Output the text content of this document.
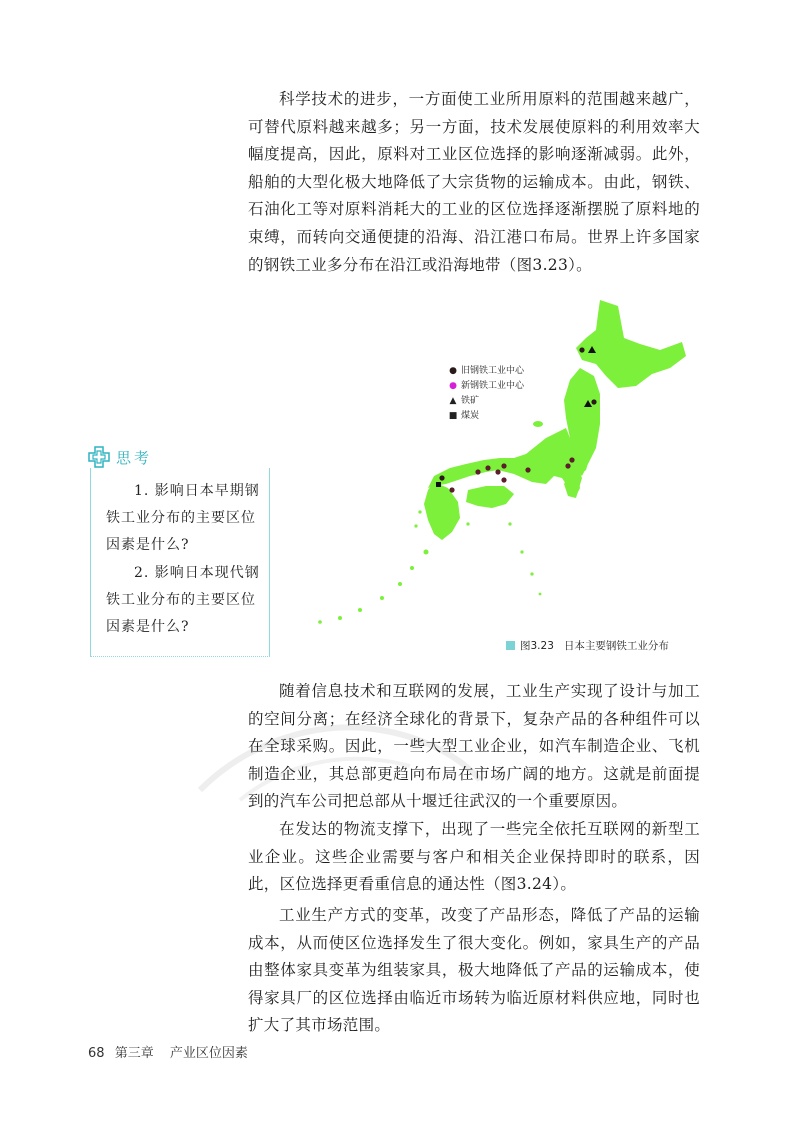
科学技术的进步，一方面使工业所用原料的范围越来越广，可替代原料越来越多；另一方面，技术发展使原料的利用效率大幅度提高，因此，原料对工业区位选择的影响逐渐减弱。此外，船舶的大型化极大地降低了大宗货物的运输成本。由此，钢铁、石油化工等对原料消耗大的工业的区位选择逐渐摆脱了原料地的束缚，而转向交通便捷的沿海、沿江港口布局。世界上许多国家的钢铁工业多分布在沿江或沿海地带（图3.23）。

● 旧钢铁工业中心
● 新钢铁工业中心
▲ 铁矿
■ 煤炭
图3.23 日本主要钢铁工业分布
思考

1. 影响日本早期钢铁工业分布的主要区位因素是什么?

2. 影响日本现代钢铁工业分布的主要区位因素是什么?

随着信息技术和互联网的发展，工业生产实现了设计与加工的空间分离；在经济全球化的背景下，复杂产品的各种组件可以在全球采购。因此，一些大型工业企业，如汽车制造企业、飞机制造企业，其总部更趋向布局在市场广阔的地方。这就是前面提到的汽车公司把总部从十堰迁往武汉的一个重要原因。

在发达的物流支撑下，出现了一些完全依托互联网的新型工业企业。这些企业需要与客户和相关企业保持即时的联系，因此，区位选择更看重信息的通达性（图3.24）。

工业生产方式的变革，改变了产品形态，降低了产品的运输成本，从而使区位选择发生了很大变化。例如，家具生产的产品由整体家具变革为组装家具，极大地降低了产品的运输成本，使得家具厂的区位选择由临近市场转为临近原材料供应地，同时也扩大了其市场范围。

68 第三章 产业区位因素
